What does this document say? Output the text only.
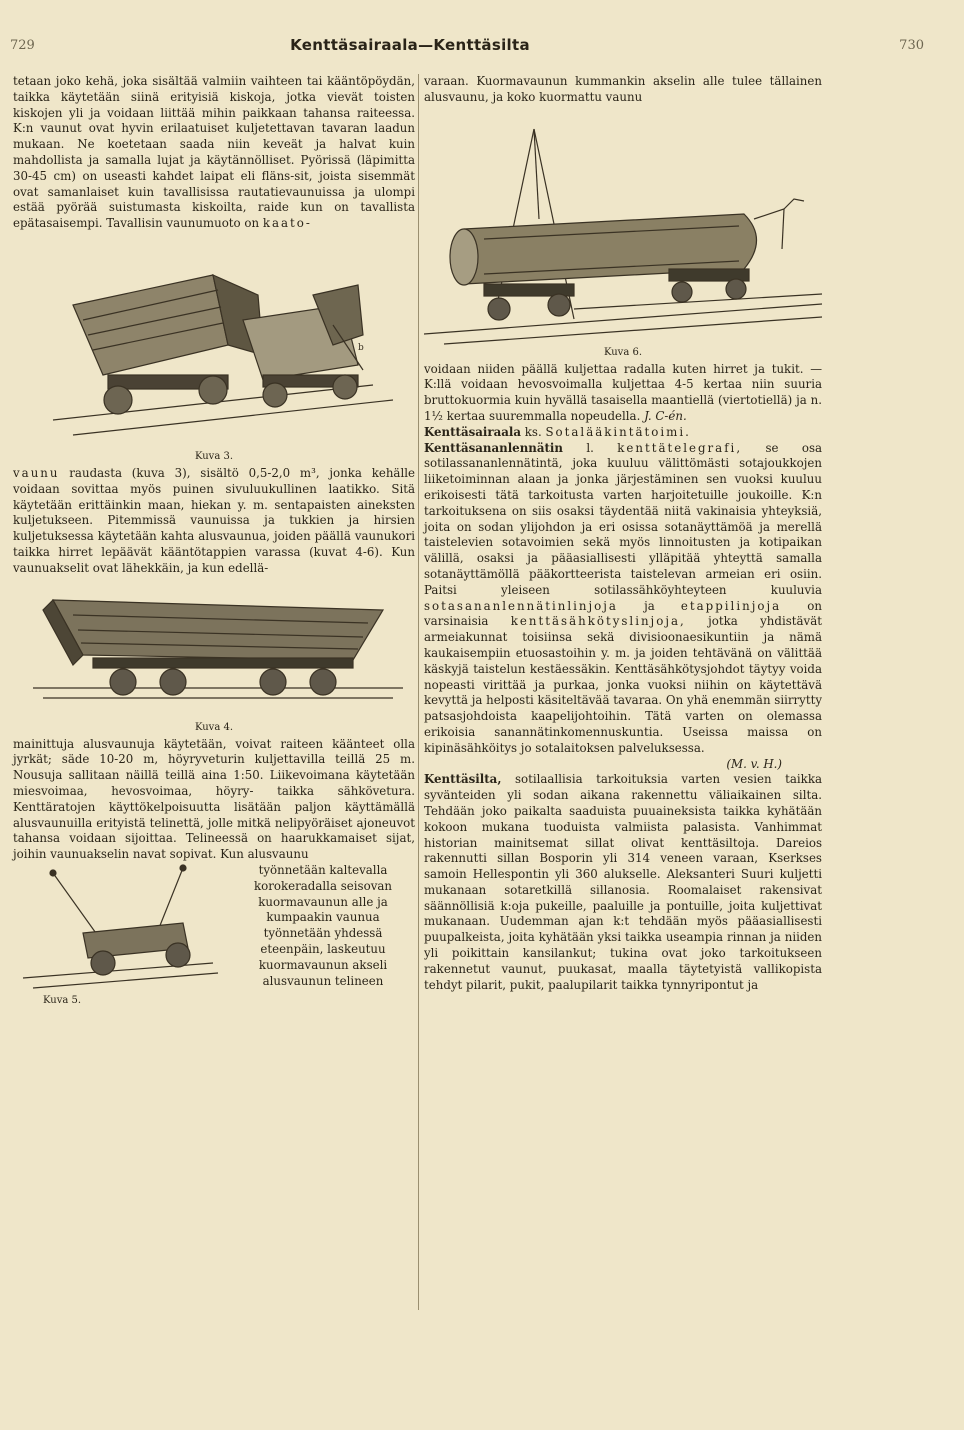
729	Kenttäsairaala—Kenttäsilta	730

tetaan joko kehä, joka sisältää valmiin vaihteen tai kääntöpöydän, taikka käytetään siinä erityisiä kiskoja, jotka vievät toisten kiskojen yli ja voidaan liittää mihin paikkaan tahansa raiteessa. K:n vaunut ovat hyvin erilaatuiset kuljetettavan tavaran laadun mukaan. Ne koetetaan saada niin keveät ja halvat kuin mahdollista ja samalla lujat ja käytännölliset. Pyörissä (läpimitta 30-45 cm) on useasti kahdet laipat eli fläns-sit, joista sisemmät ovat samanlaiset kuin tavallisissa rautatievaunuissa ja ulompi estää pyörää suistumasta kiskoilta, raide kun on tavallista epätasaisempi. Tavallisin vaunumuoto on kaato-

b
Kuva 3.

vaunu raudasta (kuva 3), sisältö 0,5-2,0 m³, jonka kehälle voidaan sovittaa myös puinen sivuluukullinen laatikko. Sitä käytetään erittäinkin maan, hiekan y. m. sentapaisten aineksten kuljetukseen. Pitemmissä vaunuissa ja tukkien ja hirsien kuljetuksessa käytetään kahta alusvaunua, joiden päällä vaunukori taikka hirret lepäävät kääntötappien varassa (kuvat 4-6). Kun vaunuakselit ovat lähekkäin, ja kun edellä-

Kuva 4.

mainittuja alusvaunuja käytetään, voivat raiteen käänteet olla jyrkät; säde 10-20 m, höyryveturin kuljettavilla teillä 25 m. Nousuja sallitaan näillä teillä aina 1:50. Liikevoimana käytetään miesvoimaa, hevosvoimaa, höyry- taikka sähkövetura. Kenttäratojen käyttökelpoisuutta lisätään paljon käyttämällä alusvaunuilla erityistä telinettä, jolle mitkä nelipyöräiset ajoneuvot tahansa voidaan sijoittaa. Telineessä on haarukkamaiset sijat, joihin vaunuakselin navat sopivat. Kun alusvaunu

Kuva 5.

työnnetään kaltevalla korokeradalla seisovan kuormavaunun alle ja kumpaakin vaunua työnnetään yhdessä eteenpäin, laskeutuu kuormavaunun akseli alusvaunun telineen

varaan. Kuormavaunun kummankin akselin alle tulee tällainen alusvaunu, ja koko kuormattu vaunu

Kuva 6.

voidaan niiden päällä kuljettaa radalla kuten hirret ja tukit. — K:llä voidaan hevosvoimalla kuljettaa 4-5 kertaa niin suuria bruttokuormia kuin hyvällä tasaisella maantiellä (viertotiellä) ja n. 1½ kertaa suuremmalla nopeudella. J. C-én.

Kenttäsairaala ks. Sotalääkintätoimi.

Kenttäsananlennätin l. kenttätelegrafi, se osa sotilassananlennätintä, joka kuuluu välittömästi sotajoukkojen liiketoiminnan alaan ja jonka järjestäminen sen vuoksi kuuluu erikoisesti tätä tarkoitusta varten harjoitetuille joukoille. K:n tarkoituksena on siis osaksi täydentää niitä vakinaisia yhteyksiä, joita on sodan ylijohdon ja eri osissa sotanäyttämöä ja merellä taistelevien sotavoimien sekä myös linnoitusten ja kotipaikan välillä, osaksi ja pääasiallisesti ylläpitää yhteyttä samalla sotanäyttämöllä pääkortteerista taistelevan armeian eri osiin. Paitsi yleiseen sotilassähköyhteyteen kuuluvia sotasananlennätinlinjoja ja etappilinjoja on varsinaisia kenttäsähkötyslinjoja, jotka yhdistävät armeiakunnat toisiinsa sekä divisioonaesikuntiin ja nämä kaukaisempiin etuosastoihin y. m. ja joiden tehtävänä on välittää käskyjä taistelun kestäessäkin. Kenttäsähkötysjohdot täytyy voida nopeasti virittää ja purkaa, jonka vuoksi niihin on käytettävä kevyttä ja helposti käsiteltävää tavaraa. On yhä enemmän siirrytty patsasjohdoista kaapelijohtoihin. Tätä varten on olemassa erikoisia sanannätinkomennuskuntia. Useissa maissa on kipinäsähköitys jo sotalaitoksen palveluksessa.

(M. v. H.)

Kenttäsilta, sotilaallisia tarkoituksia varten vesien taikka syvänteiden yli sodan aikana rakennettu väliaikainen silta. Tehdään joko paikalta saaduista puuaineksista taikka kyhätään kokoon mukana tuoduista valmiista palasista. Vanhimmat historian mainitsemat sillat olivat kenttäsiltoja. Dareios rakennutti sillan Bosporin yli 314 veneen varaan, Kserkses samoin Hellespontin yli 360 alukselle. Aleksanteri Suuri kuljetti mukanaan sotaretkillä sillanosia. Roomalaiset rakensivat säännöllisiä k:oja pukeille, paaluille ja pontuille, joita kuljettivat mukanaan. Uudemman ajan k:t tehdään myös pääasiallisesti puupalkeista, joita kyhätään yksi taikka useampia rinnan ja niiden yli poikittain kansilankut; tukina ovat joko tarkoitukseen rakennetut vaunut, puukasat, maalla täytetyistä vallikopista tehdyt pilarit, pukit, paalupilarit taikka tynnyripontut ja
